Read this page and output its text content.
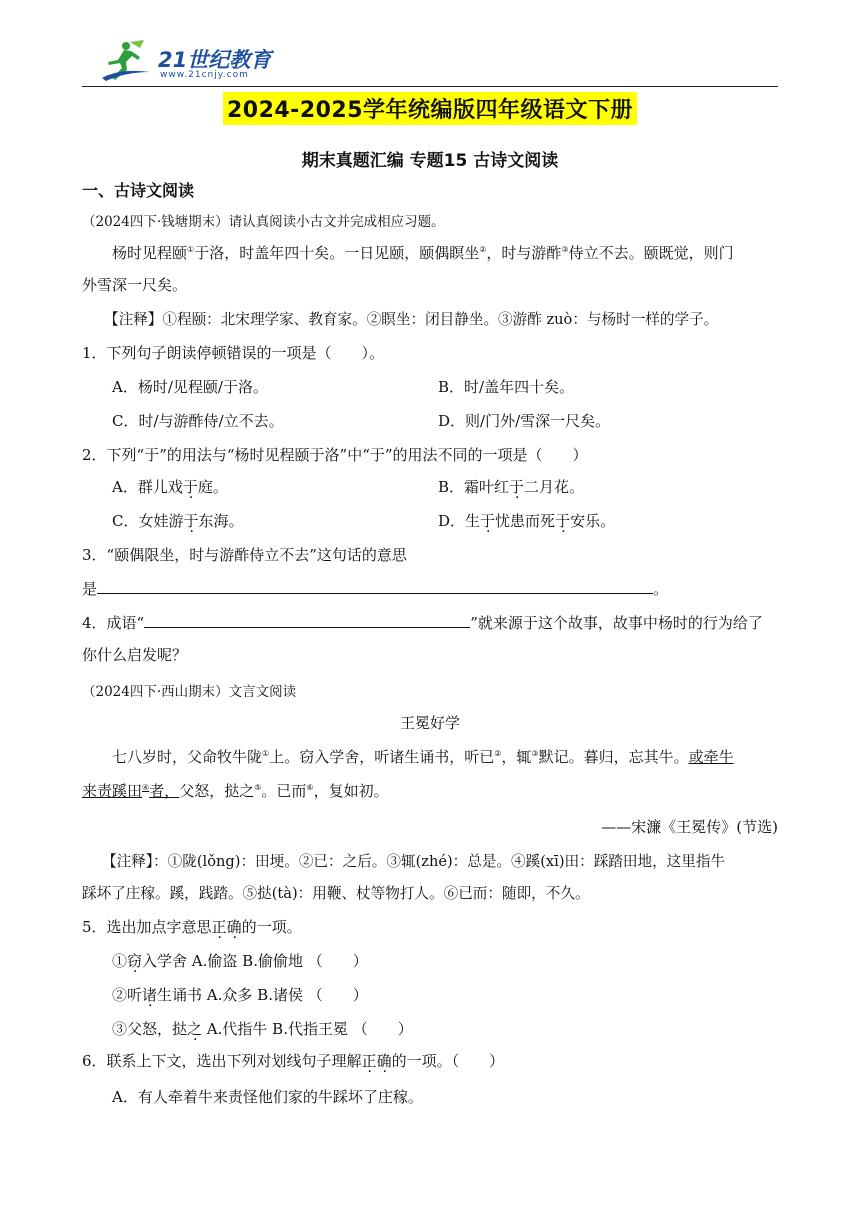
21世纪教育
www.21cnjy.com
2024-2025学年统编版四年级语文下册
期末真题汇编 专题15 古诗文阅读
一、古诗文阅读
（2024四下·钱塘期末）请认真阅读小古文并完成相应习题。
杨时见程颐①于洛，时盖年四十矣。一日见颐，颐偶瞑坐②，时与游酢③侍立不去。颐既觉，则门
外雪深一尺矣。
【注释】①程颐：北宋理学家、教育家。②瞑坐：闭目静坐。③游酢 zuò：与杨时一样的学子。
1．下列句子朗读停顿错误的一项是（　　）。
A．杨时/见程颐/于洛。	B．时/盖年四十矣。
C．时/与游酢侍/立不去。	D．则/门外/雪深一尺矣。
2．下列“于”的用法与“杨时见程颐于洛”中“于”的用法不同的一项是（　　）
A．群儿戏于庭。	B．霜叶红于二月花。
C．女娃游于东海。	D．生于忧患而死于安乐。
3．“颐偶限坐，时与游酢侍立不去”这句话的意思
是	。
4．成语“	”就来源于这个故事，故事中杨时的行为给了
你什么启发呢？
（2024四下·西山期末）文言文阅读
王冕好学
七八岁时，父命牧牛陇①上。窃入学舍，听诸生诵书，听已②，辄③默记。暮归，忘其牛。或牵牛
来责蹊田④者，父怒，挞之⑤。已而⑥，复如初。
——宋濂《王冕传》(节选)
【注释】：①陇(lǒng)：田埂。②已：之后。③辄(zhé)：总是。④蹊(xī)田：踩踏田地，这里指牛
踩坏了庄稼。蹊，践踏。⑤挞(tà)：用鞭、杖等物打人。⑥已而：随即，不久。
5．选出加点字意思正确的一项。
①窃入学舍 A.偷盗 B.偷偷地 （　　）
②听诸生诵书 A.众多 B.诸侯 （　　）
③父怒，挞之 A.代指牛 B.代指王冕 （　　）
6．联系上下文，选出下列对划线句子理解正确的一项。（　　）
A．有人牵着牛来责怪他们家的牛踩坏了庄稼。
